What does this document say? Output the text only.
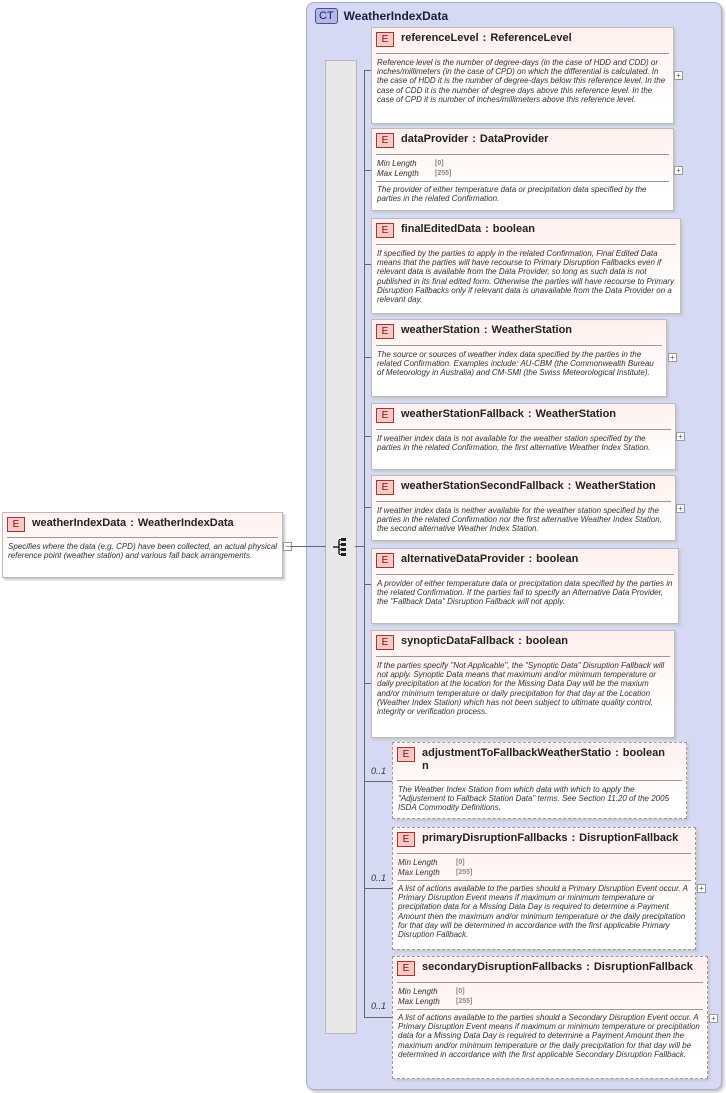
CT WeatherIndexData
E	weatherIndexData : WeatherIndexData
Specifies where the data (e.g. CPD) have been collected, an actual physical reference point (weather station) and various fall back arrangements.
−
E	referenceLevel : ReferenceLevel
Reference level is the number of degree-days (in the case of HDD and CDD) or inches/millimeters (in the case of CPD) on which the differential is calculated. In the case of HDD it is the number of degree-days below this reference level. In the case of CDD it is the number of degree days above this reference level. In the case of CPD it is number of inches/millimeters above this reference level.
+
E	dataProvider : DataProvider
Min Length	[0]
Max Length	[255]
The provider of either temperature data or precipitation data specified by the parties in the related Confirmation.
+
E	finalEditedData : boolean
If specified by the parties to apply in the related Confirmation, Final Edited Data means that the parties will have recourse to Primary Disruption Fallbacks even if relevant data is available from the Data Provider, so long as such data is not published in its final edited form. Otherwise the parties will have recourse to Primary Disruption Fallbacks only if relevant data is unavailable from the Data Provider on a relevant day.
E	weatherStation : WeatherStation
The source or sources of weather index data specified by the parties in the related Confirmation. Examples include: AU-CBM (the Commonwealth Bureau of Meteorology in Australia) and CM-SMI (the Swiss Meteorological Institute).
+
E	weatherStationFallback : WeatherStation
If weather index data is not available for the weather station specified by the parties in the related Confirmation, the first alternative Weather Index Station.
+
E	weatherStationSecondFallback : WeatherStation
If weather index data is neither available for the weather station specified by the parties in the related Confirmation nor the first alternative Weather Index Station, the second alternative Weather Index Station.
+
E	alternativeDataProvider : boolean
A provider of either temperature data or precipitation data specified by the parties in the related Confirmation. If the parties fail to specify an Alternative Data Provider, the "Fallback Data" Disruption Fallback will not apply.
E	synopticDataFallback : boolean
If the parties specify "Not Applicable", the "Synoptic Data" Disruption Fallback will not apply. Synoptic Data means that maximum and/or minimum temperature or daily precipitation at the location for the Missing Data Day will be the maxium and/or minimum temperature or daily precipitation for that day at the Location (Weather Index Station) which has not been subject to ultimate quality control, integrity or verification process.
0..1
E	adjustmentToFallbackWeatherStatio : boolean
n
The Weather Index Station from which data with which to apply the "Adjustement to Fallback Station Data" terms. See Section 11.20 of the 2005 ISDA Commodity Definitions.
0..1
E	primaryDisruptionFallbacks : DisruptionFallback
Min Length	[0]
Max Length	[255]
A list of actions available to the parties should a Primary Disruption Event occur. A Primary Disruption Event means if maximum or minimum temperature or precipitation data for a Missing Data Day is required to determine a Payment Amount then the maximum and/or minimum temperature or the daily precipitation for that day will be determined in accordance with the first applicable Primary Disruption Fallback.
+
0..1
E	secondaryDisruptionFallbacks : DisruptionFallback
Min Length	[0]
Max Length	[255]
A list of actions available to the parties should a Secondary Disruption Event occur. A Primary Disruption Event means if maximum or minimum temperature or precipitation data for a Missing Data Day is required to determine a Payment Amount then the maximum and/or minimum temperature or the daily precipitation for that day will be determined in accordance with the first applicable Secondary Disruption Fallback.
+
